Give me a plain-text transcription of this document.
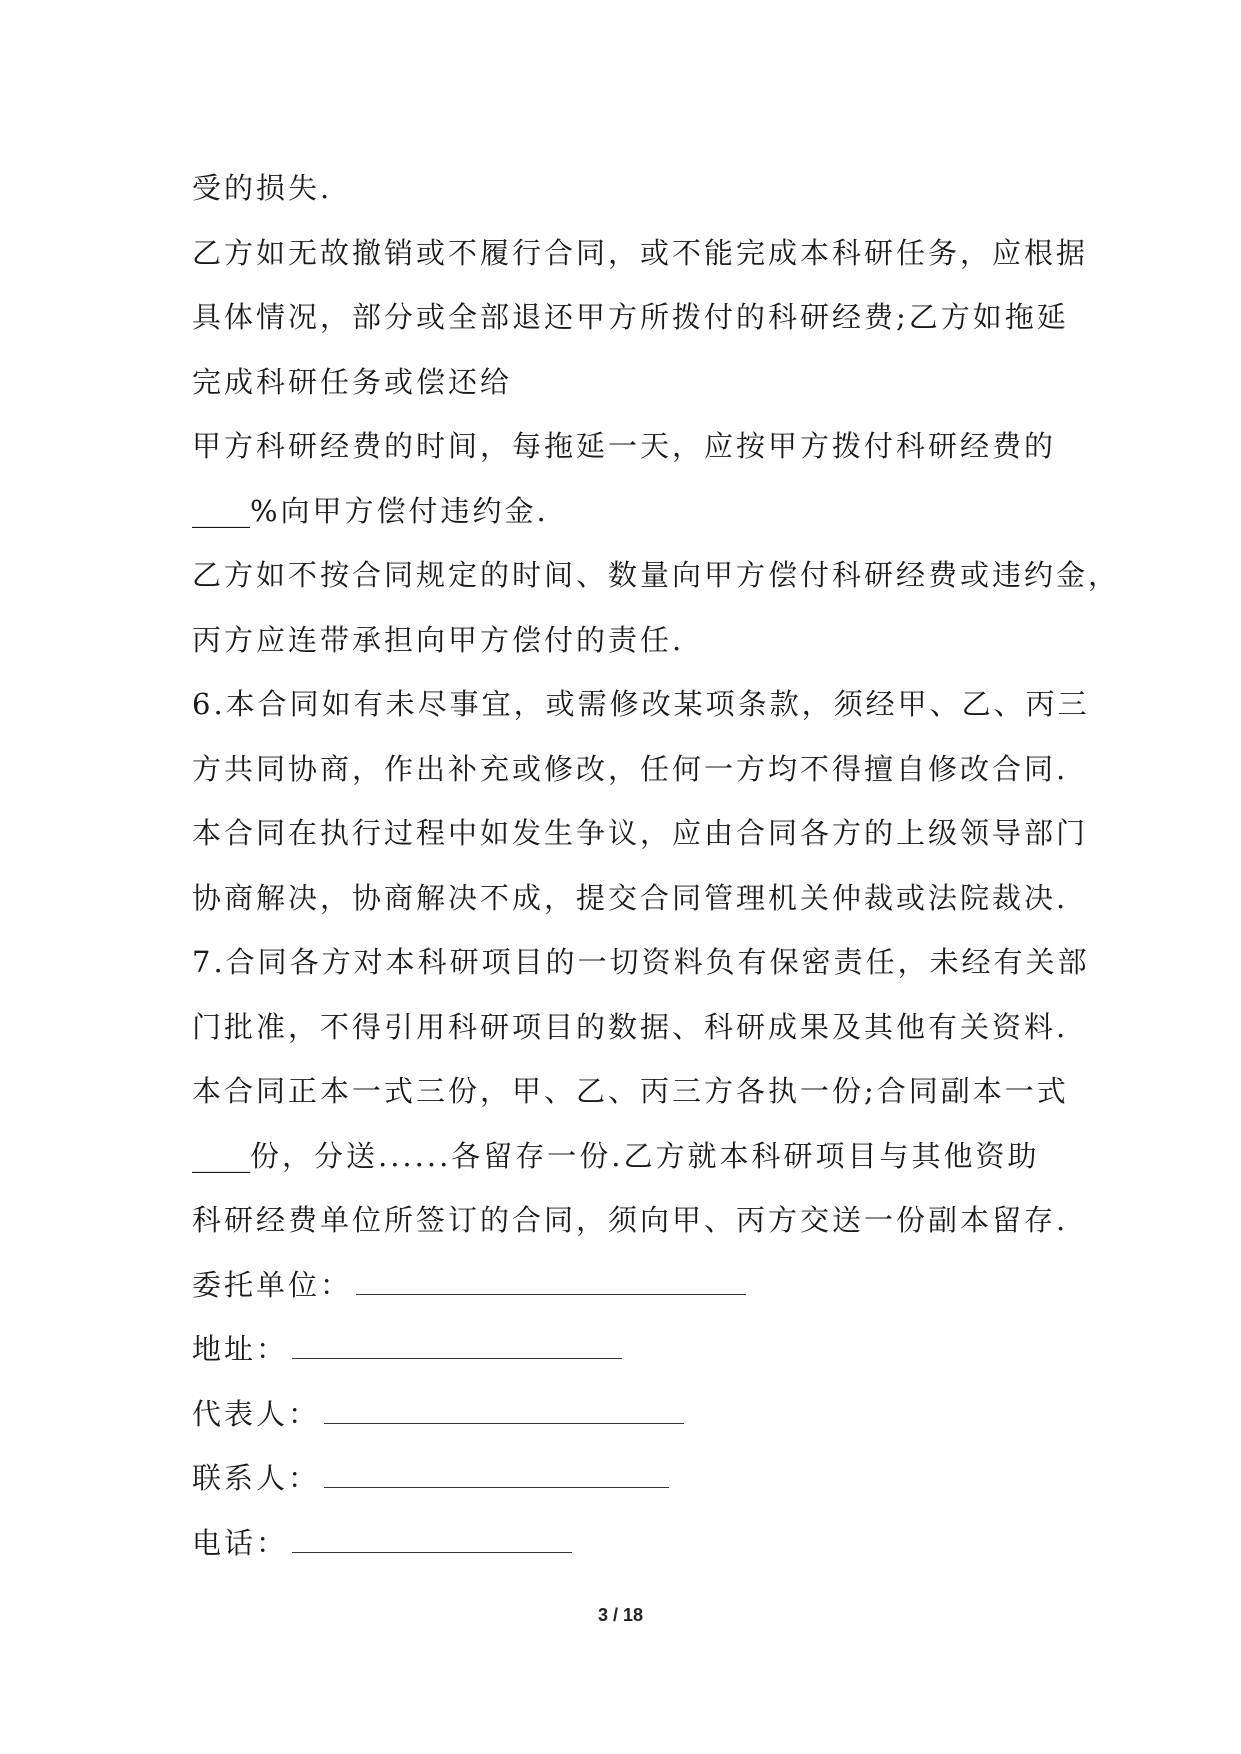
受的损失.
乙方如无故撤销或不履行合同，或不能完成本科研任务，应根据
具体情况，部分或全部退还甲方所拨付的科研经费;乙方如拖延
完成科研任务或偿还给
甲方科研经费的时间，每拖延一天，应按甲方拨付科研经费的
____%向甲方偿付违约金.
乙方如不按合同规定的时间、数量向甲方偿付科研经费或违约金，
丙方应连带承担向甲方偿付的责任.
6.本合同如有未尽事宜，或需修改某项条款，须经甲、乙、丙三
方共同协商，作出补充或修改，任何一方均不得擅自修改合同.
本合同在执行过程中如发生争议，应由合同各方的上级领导部门
协商解决，协商解决不成，提交合同管理机关仲裁或法院裁决.
7.合同各方对本科研项目的一切资料负有保密责任，未经有关部
门批准，不得引用科研项目的数据、科研成果及其他有关资料.
本合同正本一式三份，甲、乙、丙三方各执一份;合同副本一式
____份，分送......各留存一份.乙方就本科研项目与其他资助
科研经费单位所签订的合同，须向甲、丙方交送一份副本留存.
委托单位：
地址：
代表人：
联系人：
电话：
3 / 18
